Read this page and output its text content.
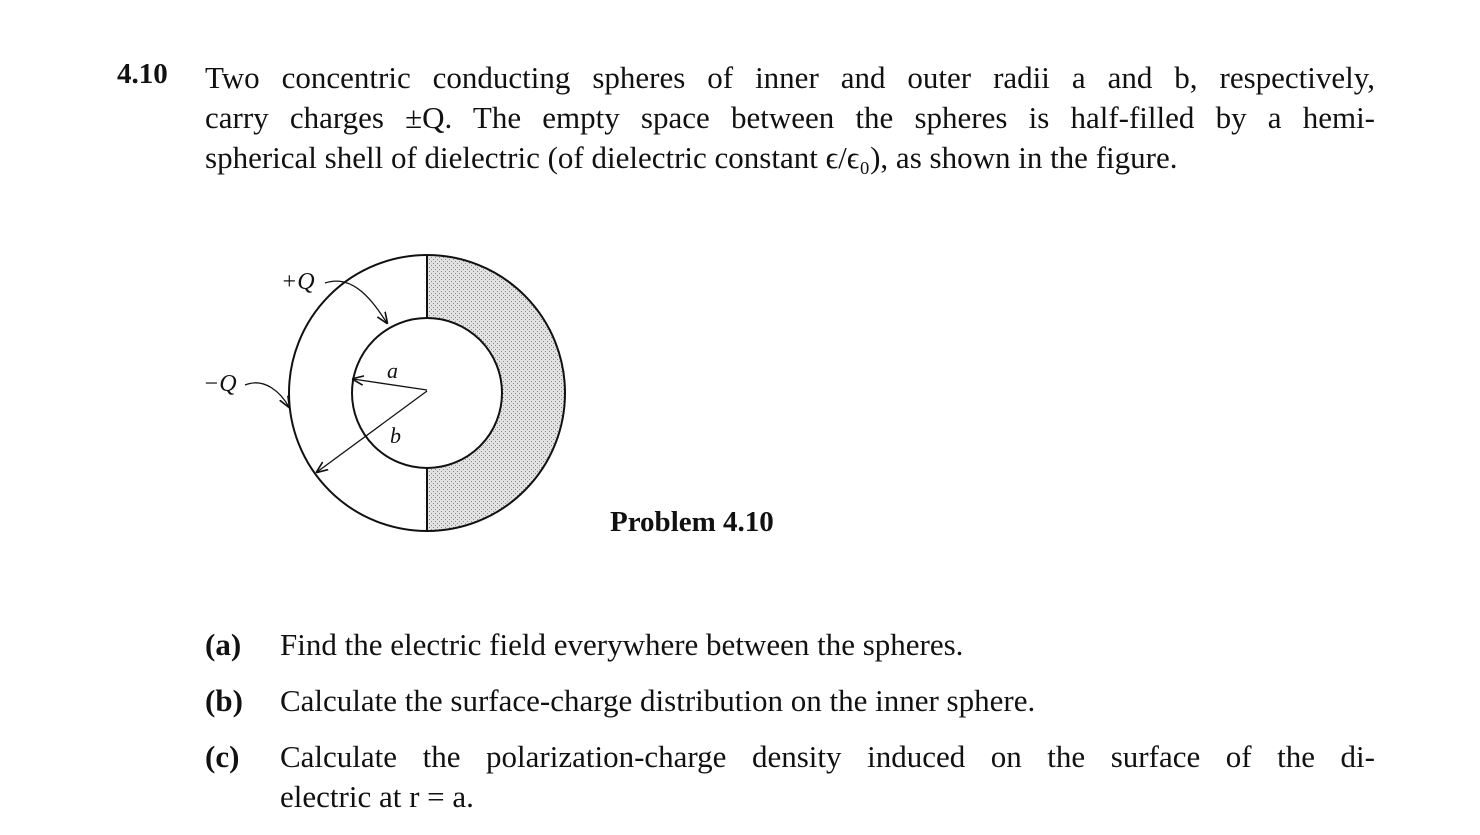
4.10 Two concentric conducting spheres of inner and outer radii a and b, respectively,

carry charges ±Q. The empty space between the spheres is half-filled by a hemi-

spherical shell of dielectric (of dielectric constant ϵ/ϵ₀), as shown in the figure.

+Q
−Q
a
b
Problem 4.10
(a) Find the electric field everywhere between the spheres.
(b) Calculate the surface-charge distribution on the inner sphere.
(c) Calculate the polarization-charge density induced on the surface of the di-
electric at r = a.
